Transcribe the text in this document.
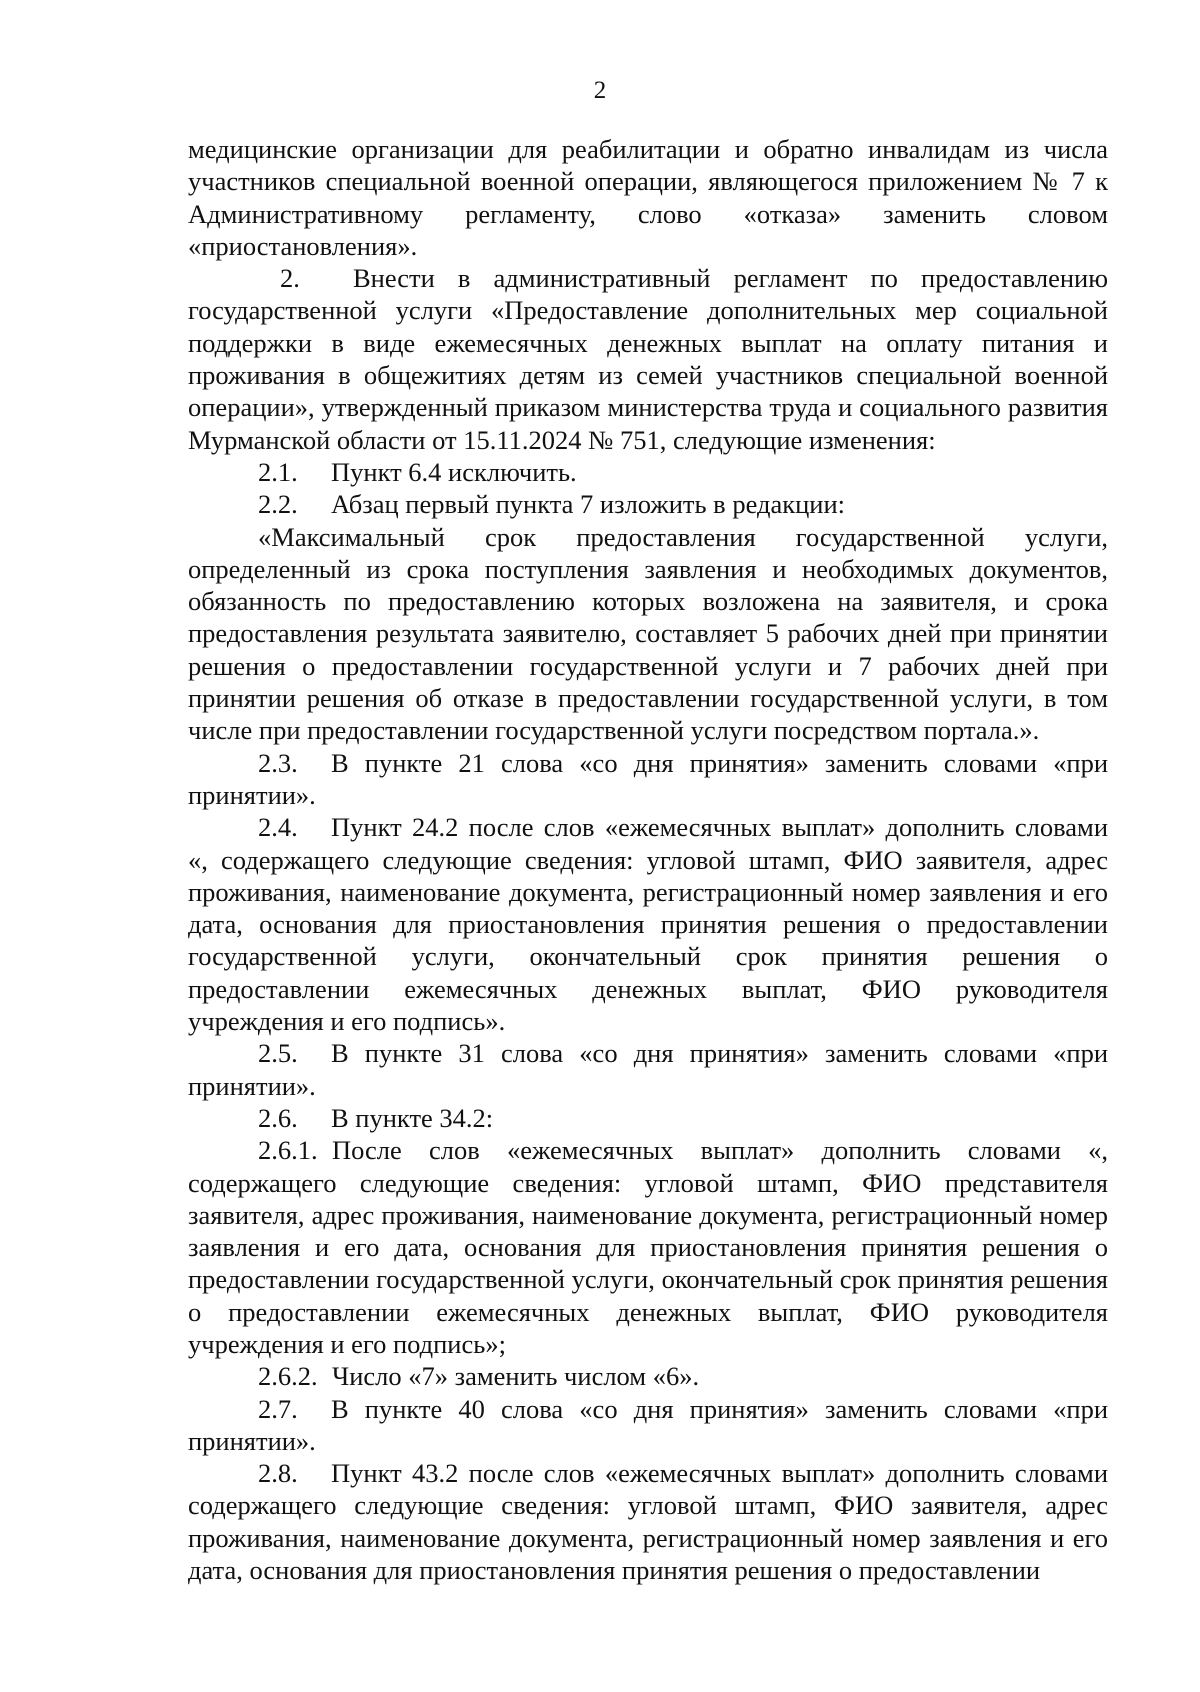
2

медицинские организации для реабилитации и обратно инвалидам из числа участников специальной военной операции, являющегося приложением № 7 к Административному регламенту, слово «отказа» заменить словом «приостановления».

2. Внести в административный регламент по предоставлению государственной услуги «Предоставление дополнительных мер социальной поддержки в виде ежемесячных денежных выплат на оплату питания и проживания в общежитиях детям из семей участников специальной военной операции», утвержденный приказом министерства труда и социального развития Мурманской области от 15.11.2024 № 751, следующие изменения:

2.1. Пункт 6.4 исключить.

2.2. Абзац первый пункта 7 изложить в редакции:

«Максимальный срок предоставления государственной услуги, определенный из срока поступления заявления и необходимых документов, обязанность по предоставлению которых возложена на заявителя, и срока предоставления результата заявителю, составляет 5 рабочих дней при принятии решения о предоставлении государственной услуги и 7 рабочих дней при принятии решения об отказе в предоставлении государственной услуги, в том числе при предоставлении государственной услуги посредством портала.».

2.3. В пункте 21 слова «со дня принятия» заменить словами «при принятии».

2.4. Пункт 24.2 после слов «ежемесячных выплат» дополнить словами «, содержащего следующие сведения: угловой штамп, ФИО заявителя, адрес проживания, наименование документа, регистрационный номер заявления и его дата, основания для приостановления принятия решения о предоставлении государственной услуги, окончательный срок принятия решения о предоставлении ежемесячных денежных выплат, ФИО руководителя учреждения и его подпись».

2.5. В пункте 31 слова «со дня принятия» заменить словами «при принятии».

2.6. В пункте 34.2:

2.6.1. После слов «ежемесячных выплат» дополнить словами «, содержащего следующие сведения: угловой штамп, ФИО представителя заявителя, адрес проживания, наименование документа, регистрационный номер заявления и его дата, основания для приостановления принятия решения о предоставлении государственной услуги, окончательный срок принятия решения о предоставлении ежемесячных денежных выплат, ФИО руководителя учреждения и его подпись»;

2.6.2. Число «7» заменить числом «6».

2.7. В пункте 40 слова «со дня принятия» заменить словами «при принятии».

2.8. Пункт 43.2 после слов «ежемесячных выплат» дополнить словами содержащего следующие сведения: угловой штамп, ФИО заявителя, адрес проживания, наименование документа, регистрационный номер заявления и его дата, основания для приостановления принятия решения о предоставлении
